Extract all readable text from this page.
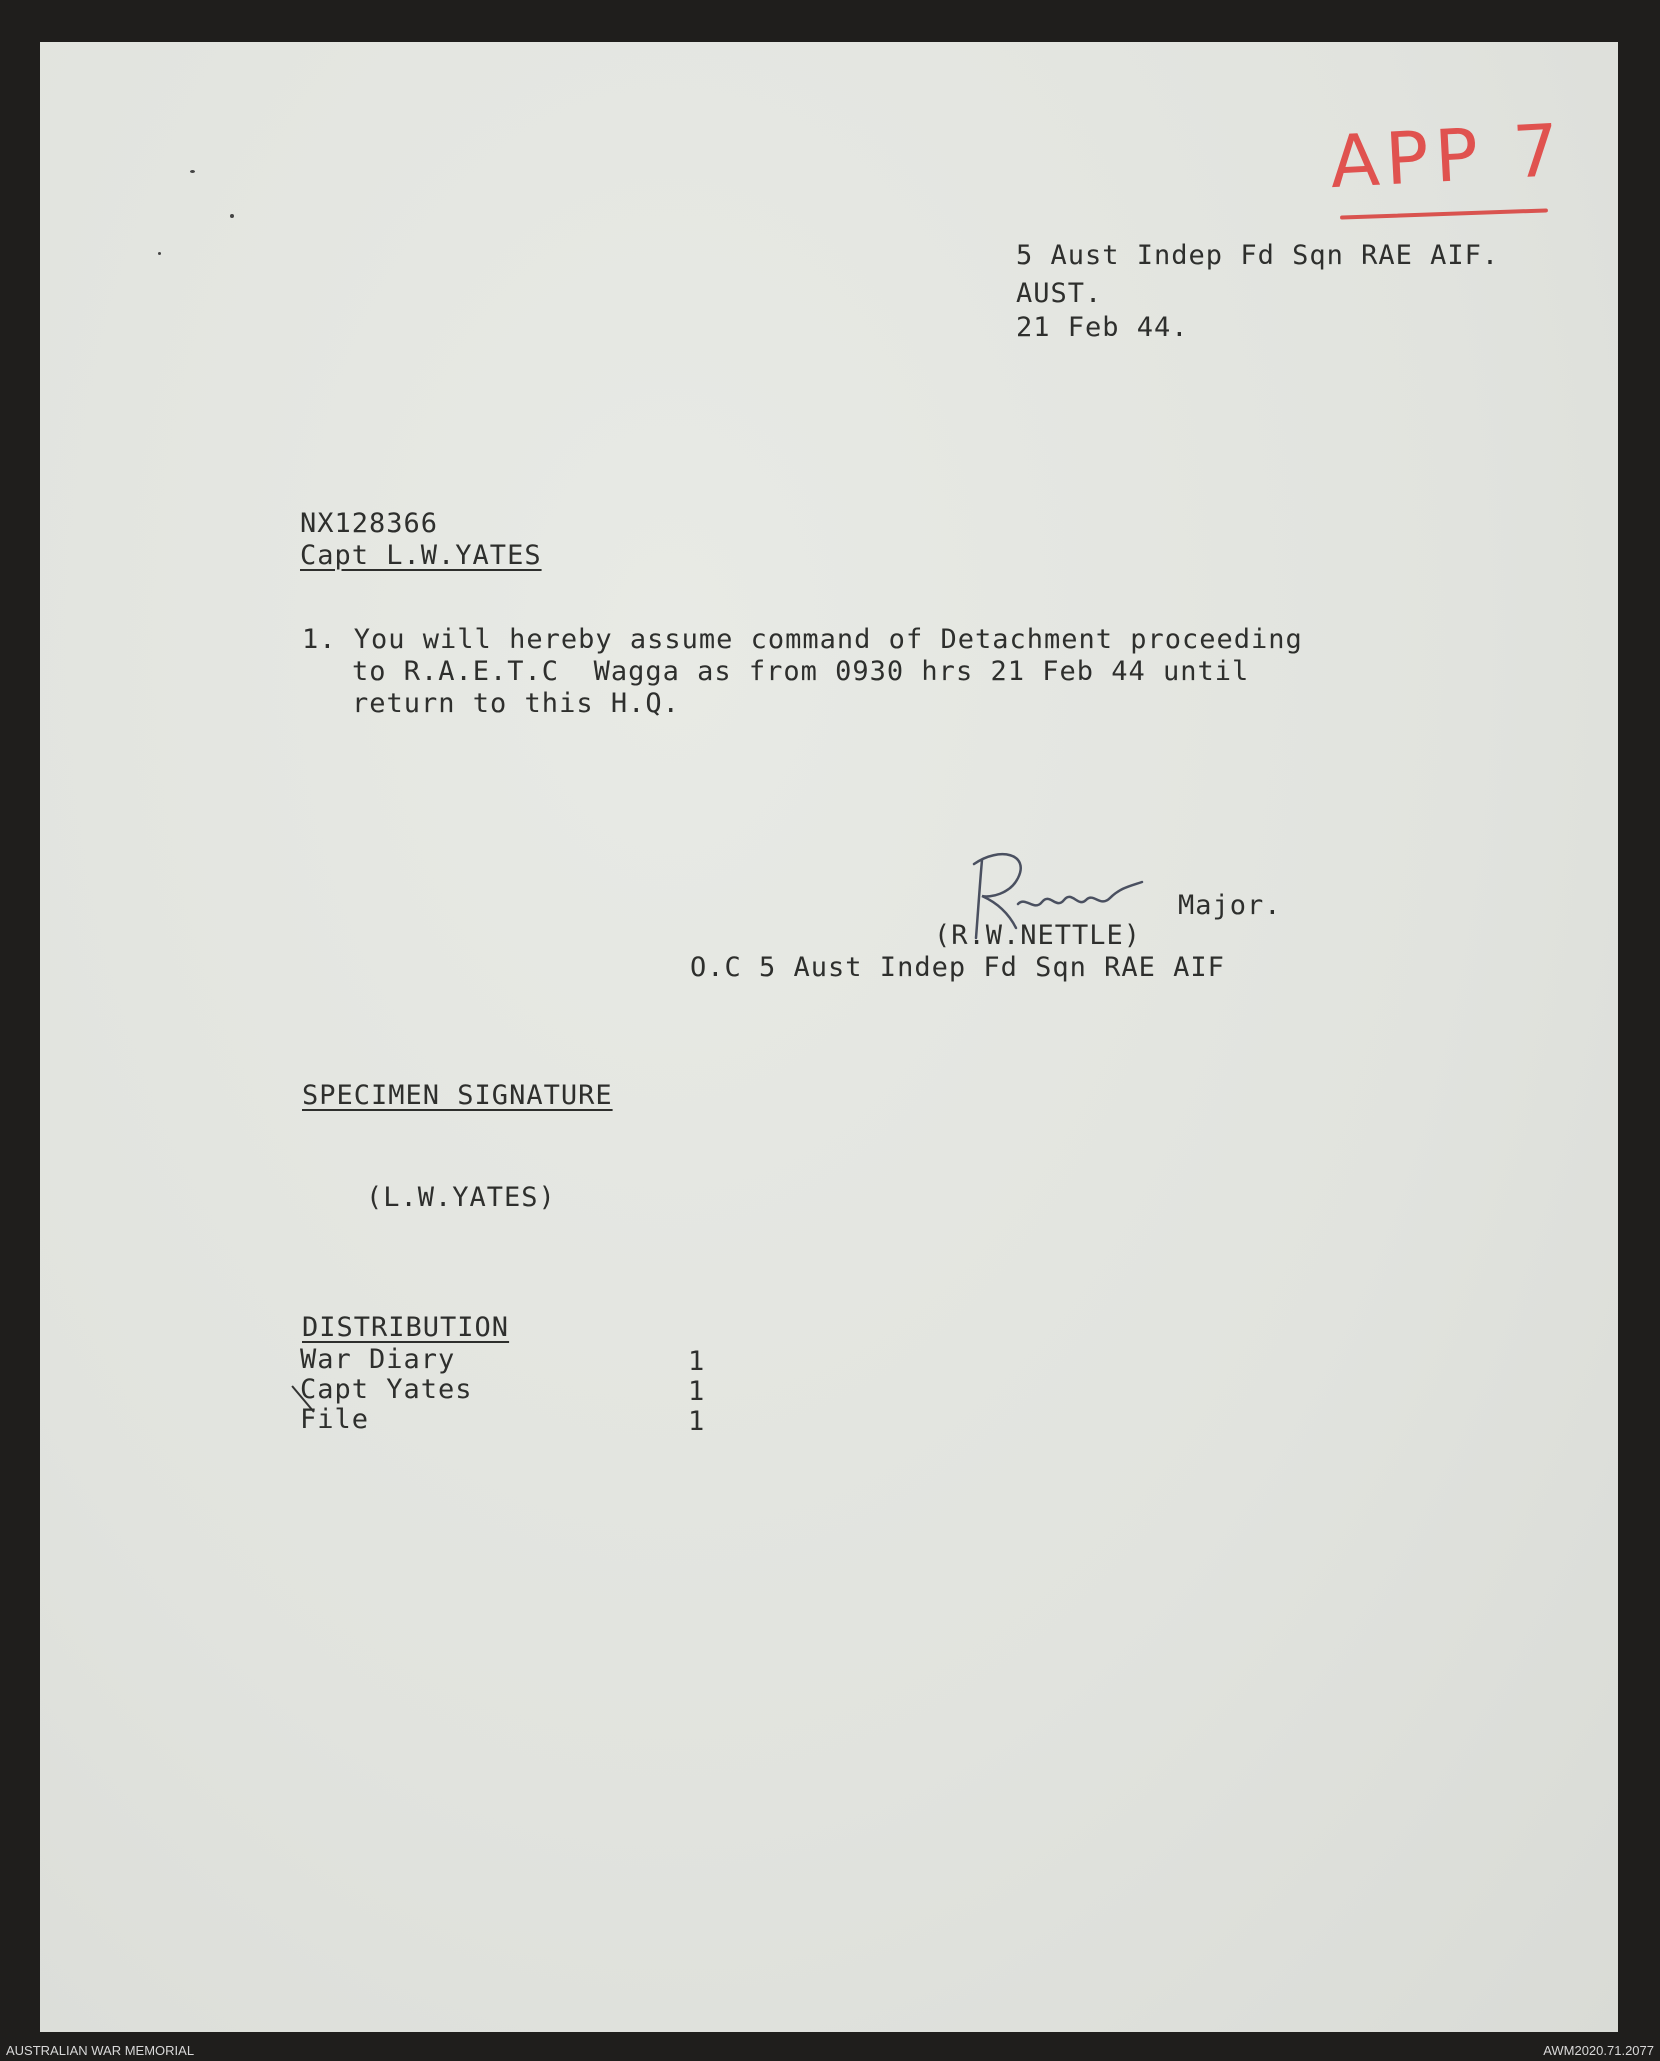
APP 7
5 Aust Indep Fd Sqn RAE AIF.
AUST.
21 Feb 44.
NX128366
Capt L.W.YATES
1. You will hereby assume command of Detachment proceeding
to R.A.E.T.C  Wagga as from 0930 hrs 21 Feb 44 until
return to this H.Q.
Major.
(R.W.NETTLE)
O.C 5 Aust Indep Fd Sqn RAE AIF
SPECIMEN SIGNATURE
(L.W.YATES)
DISTRIBUTION
War Diary	1
Capt Yates	1
File	1
AUSTRALIAN WAR MEMORIAL	AWM2020.71.2077
